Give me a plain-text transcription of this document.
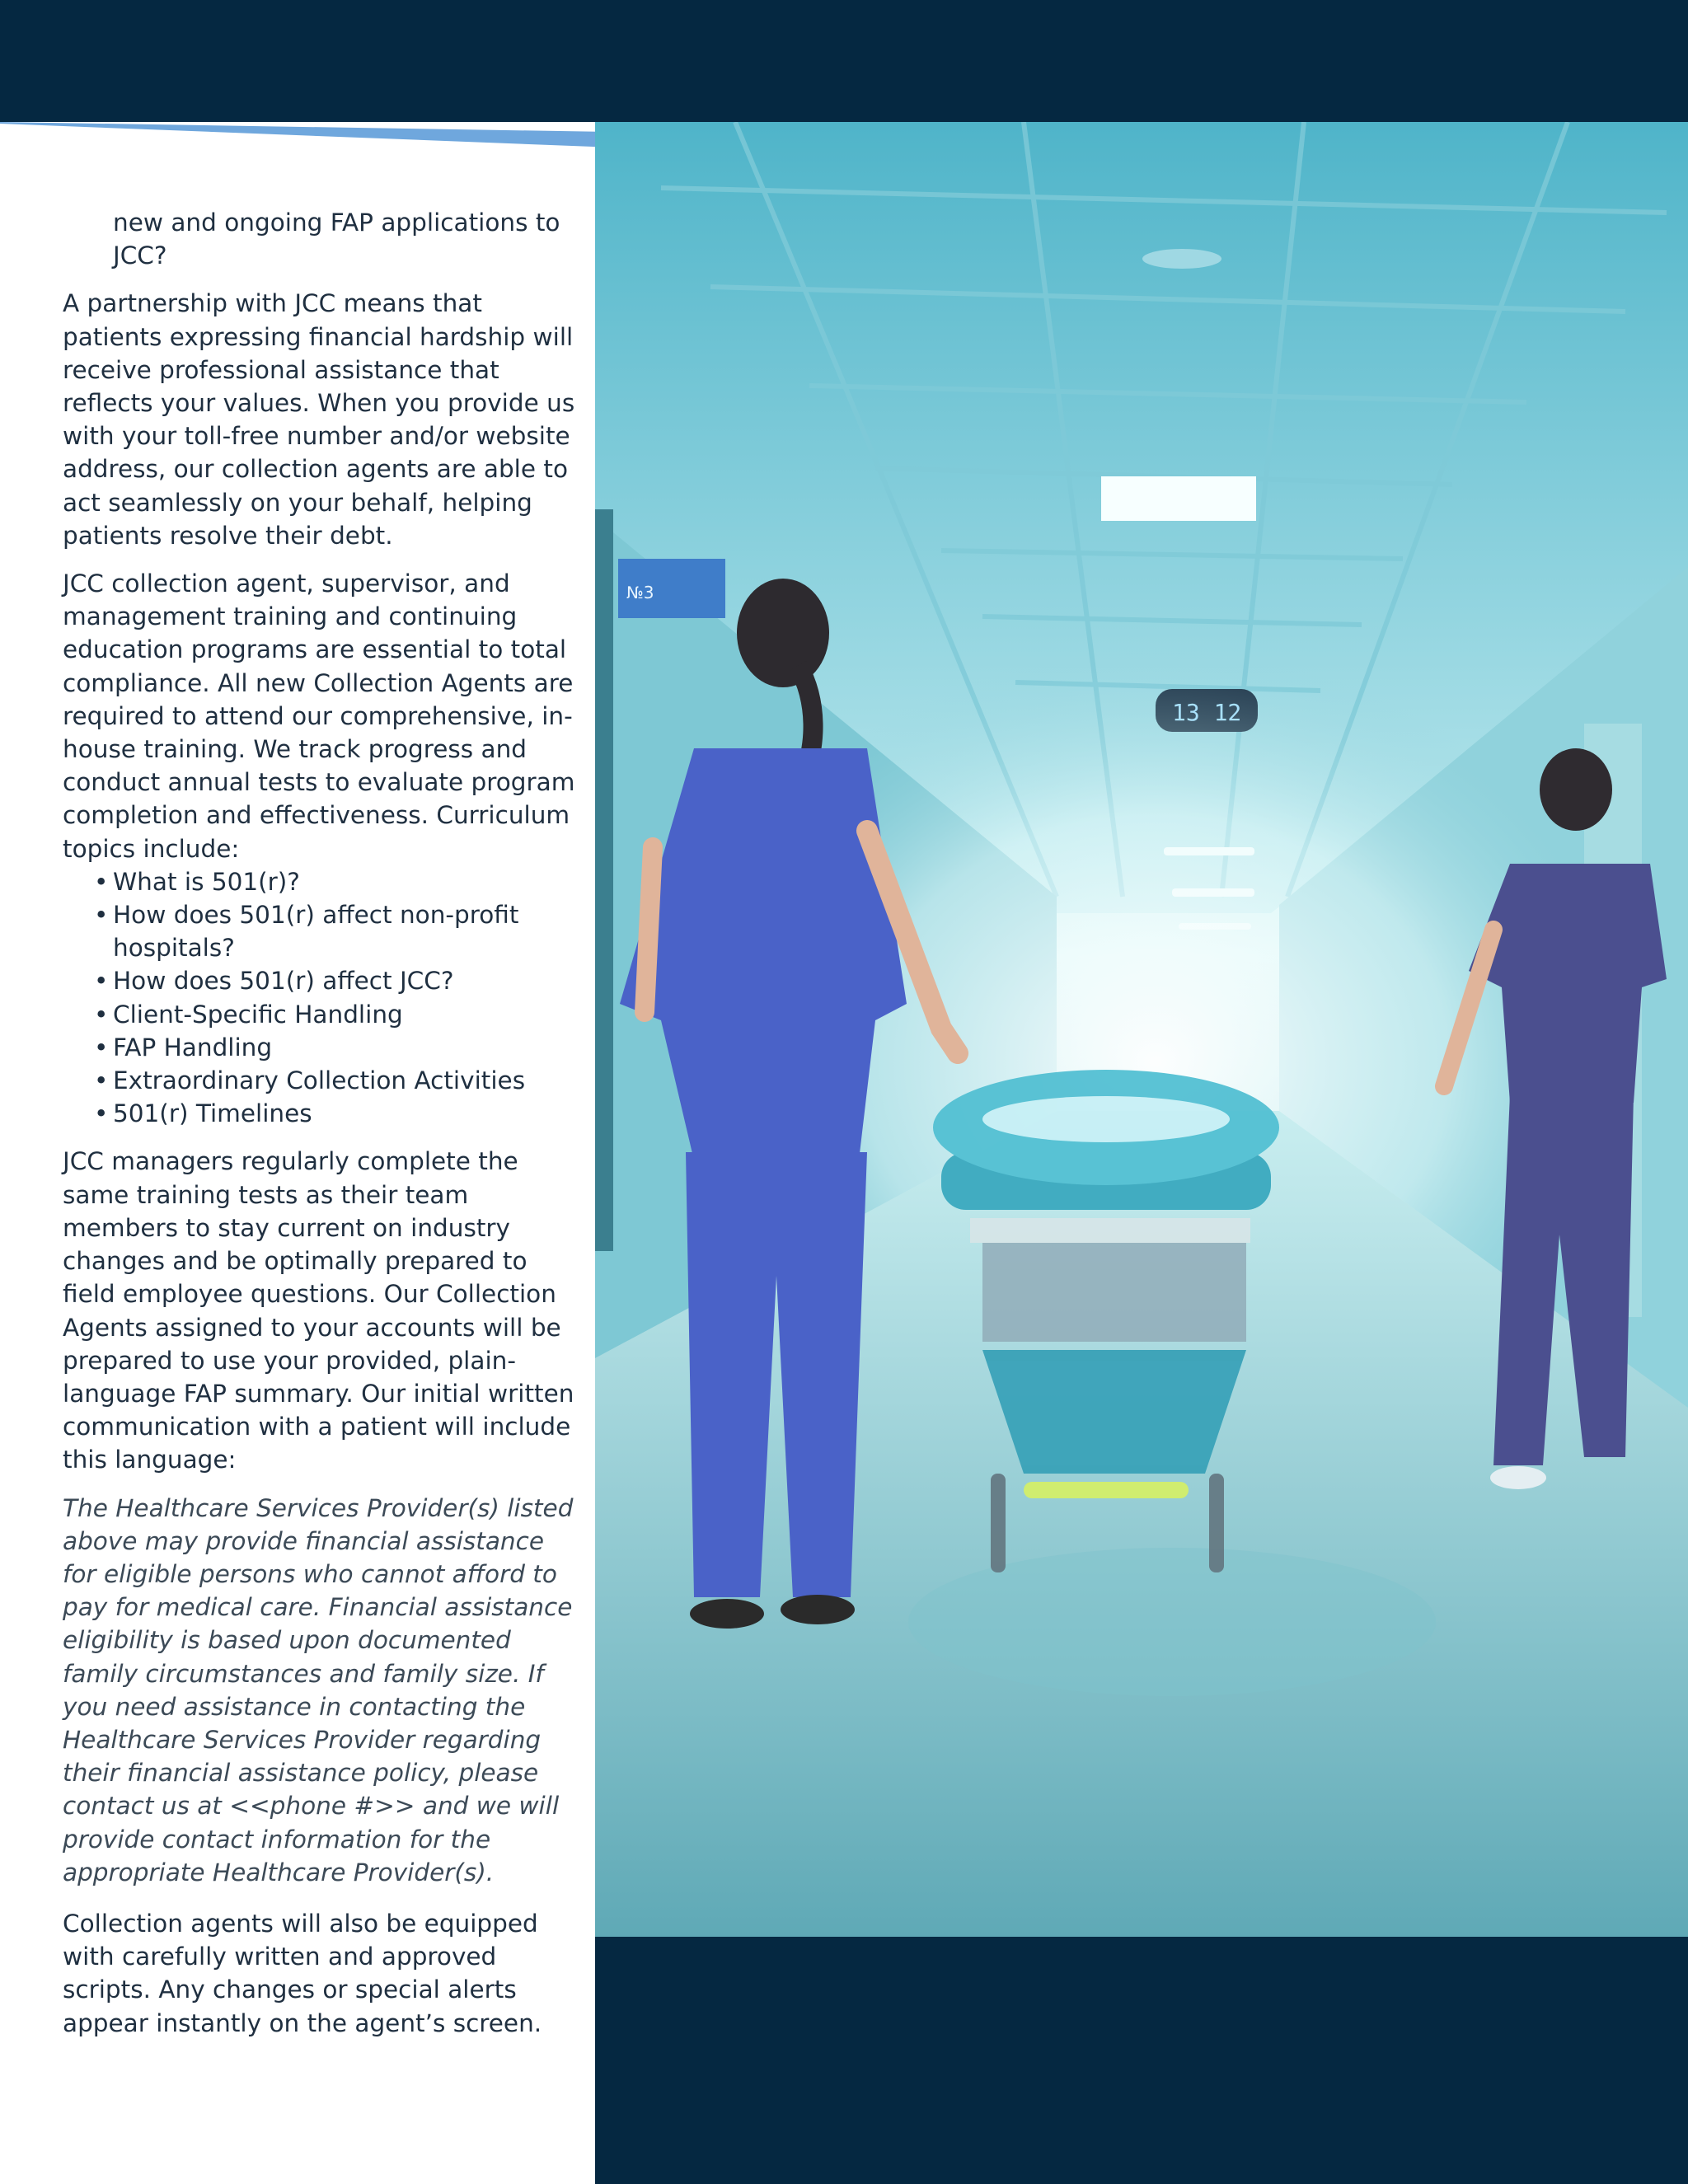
№3

new and ongoing FAP applications to JCC?

A partnership with JCC means that patients expressing financial hardship will receive professional assistance that reflects your values. When you provide us with your toll-free number and/or website address, our collection agents are able to act seamlessly on your behalf, helping patients resolve their debt.

JCC collection agent, supervisor, and management training and continuing education programs are essential to total compliance. All new Collection Agents are required to attend our comprehensive, in-house training. We track progress and conduct annual tests to evaluate program completion and effectiveness. Curriculum topics include:

• What is 501(r)?
• How does 501(r) affect non-profit hospitals?
• How does 501(r) affect JCC?
• Client-Specific Handling
• FAP Handling
• Extraordinary Collection Activities
• 501(r) Timelines

JCC managers regularly complete the same training tests as their team members to stay current on industry changes and be optimally prepared to field employee questions. Our Collection Agents assigned to your accounts will be prepared to use your provided, plain-language FAP summary. Our initial written communication with a patient will include this language:

The Healthcare Services Provider(s) listed above may provide financial assistance for eligible persons who cannot afford to pay for medical care. Financial assistance eligibility is based upon documented family circumstances and family size. If you need assistance in contacting the Healthcare Services Provider regarding their financial assistance policy, please contact us at <<phone #>> and we will provide contact information for the appropriate Healthcare Provider(s).

Collection agents will also be equipped with carefully written and approved scripts. Any changes or special alerts appear instantly on the agent’s screen.
